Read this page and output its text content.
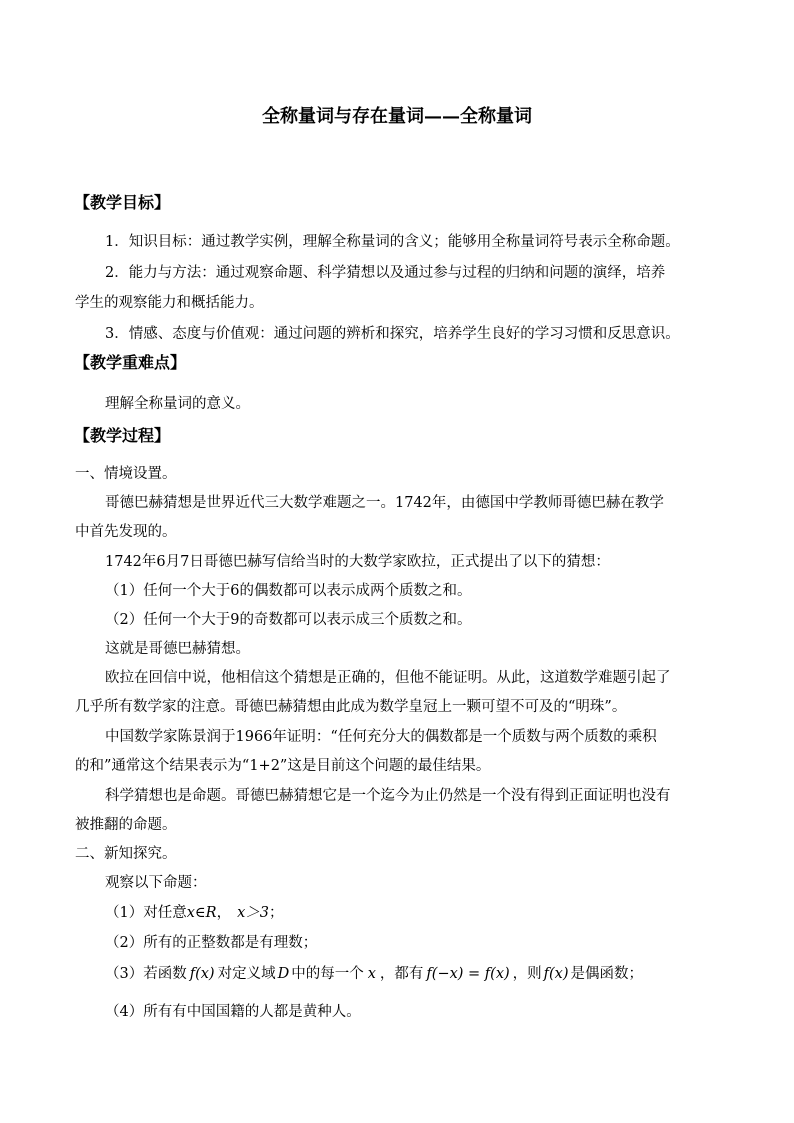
全称量词与存在量词——全称量词
【教学目标】
1．知识目标：通过教学实例，理解全称量词的含义；能够用全称量词符号表示全称命题。
2．能力与方法：通过观察命题、科学猜想以及通过参与过程的归纳和问题的演绎，培养
学生的观察能力和概括能力。
3．情感、态度与价值观：通过问题的辨析和探究，培养学生良好的学习习惯和反思意识。
【教学重难点】
理解全称量词的意义。
【教学过程】
一、情境设置。
哥德巴赫猜想是世界近代三大数学难题之一。1742年，由德国中学教师哥德巴赫在教学
中首先发现的。
1742年6月7日哥德巴赫写信给当时的大数学家欧拉，正式提出了以下的猜想：
（1）任何一个大于6的偶数都可以表示成两个质数之和。
（2）任何一个大于9的奇数都可以表示成三个质数之和。
这就是哥德巴赫猜想。
欧拉在回信中说，他相信这个猜想是正确的，但他不能证明。从此，这道数学难题引起了
几乎所有数学家的注意。哥德巴赫猜想由此成为数学皇冠上一颗可望不可及的“明珠”。
中国数学家陈景润于1966年证明：“任何充分大的偶数都是一个质数与两个质数的乘积
的和”通常这个结果表示为“1+2”这是目前这个问题的最佳结果。
科学猜想也是命题。哥德巴赫猜想它是一个迄今为止仍然是一个没有得到正面证明也没有
被推翻的命题。
二、新知探究。
观察以下命题：
（1）对任意x∈R， x＞3；
（2）所有的正整数都是有理数；
（3）若函数 f(x) 对定义域 D 中的每一个 x ，都有 f(−x) = f(x) ，则 f(x) 是偶函数；
（4）所有有中国国籍的人都是黄种人。
